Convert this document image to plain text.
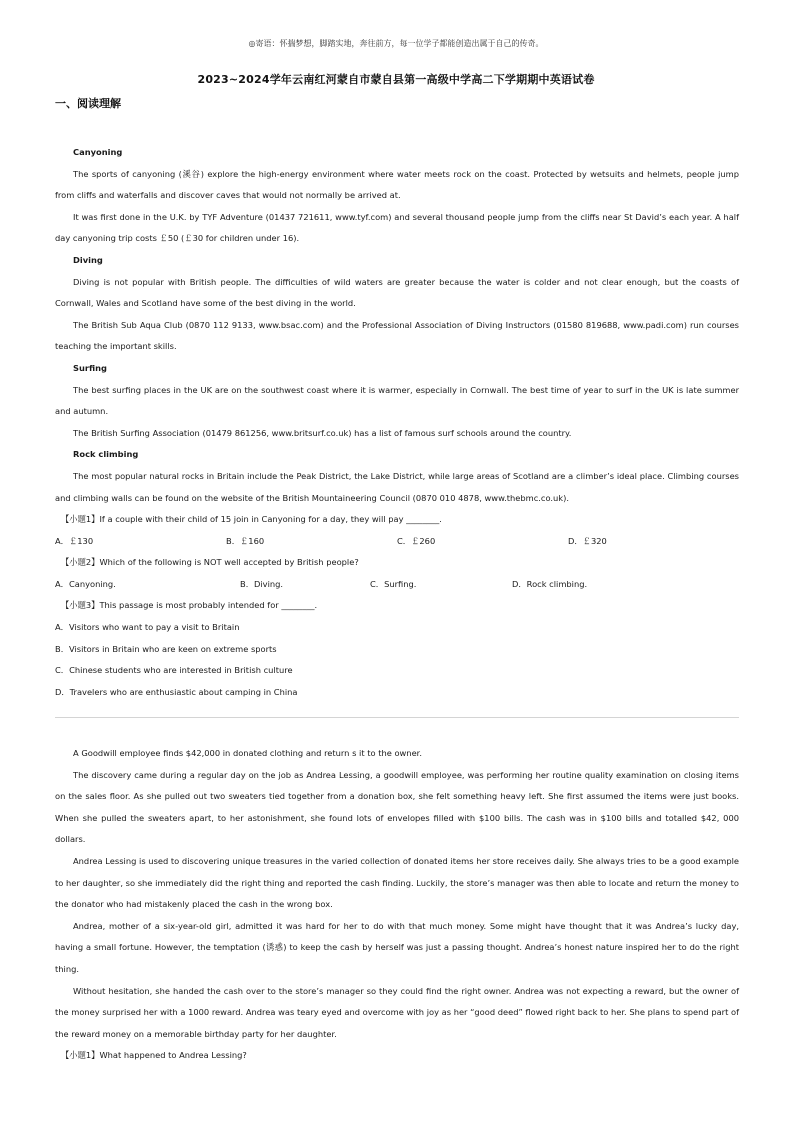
◎寄语：怀揣梦想，脚踏实地，奔往前方，每一位学子都能创造出属于自己的传奇。
2023~2024学年云南红河蒙自市蒙自县第一高级中学高二下学期期中英语试卷
一、阅读理解

Canyoning

The sports of canyoning (溪谷) explore the high-energy environment where water meets rock on the coast. Protected by wetsuits and helmets, people jump from cliffs and waterfalls and discover caves that would not normally be arrived at.

It was first done in the U.K. by TYF Adventure (01437 721611, www.tyf.com) and several thousand people jump from the cliffs near St David’s each year. A half day canyoning trip costs ￡50 (￡30 for children under 16).

Diving

Diving is not popular with British people. The difficulties of wild waters are greater because the water is colder and not clear enough, but the coasts of Cornwall, Wales and Scotland have some of the best diving in the world.

The British Sub Aqua Club (0870 112 9133, www.bsac.com) and the Professional Association of Diving Instructors (01580 819688, www.padi.com) run courses teaching the important skills.

Surfing

The best surfing places in the UK are on the southwest coast where it is warmer, especially in Cornwall. The best time of year to surf in the UK is late summer and autumn.

The British Surfing Association (01479 861256, www.britsurf.co.uk) has a list of famous surf schools around the country.

Rock climbing

The most popular natural rocks in Britain include the Peak District, the Lake District, while large areas of Scotland are a climber’s ideal place. Climbing courses and climbing walls can be found on the website of the British Mountaineering Council (0870 010 4878, www.thebmc.co.uk).

【小题1】If a couple with their child of 15 join in Canyoning for a day, they will pay ________.

A．￡130	B．￡160	C．￡260	D．￡320

【小题2】Which of the following is NOT well accepted by British people?

A．Canyoning.	B．Diving.	C．Surfing.	D．Rock climbing.

【小题3】This passage is most probably intended for ________.

A．Visitors who want to pay a visit to Britain

B．Visitors in Britain who are keen on extreme sports

C．Chinese students who are interested in British culture

D．Travelers who are enthusiastic about camping in China

A Goodwill employee finds $42,000 in donated clothing and return s it to the owner.

The discovery came during a regular day on the job as Andrea Lessing, a goodwill employee, was performing her routine quality examination on closing items on the sales floor. As she pulled out two sweaters tied together from a donation box, she felt something heavy left. She first assumed the items were just books. When she pulled the sweaters apart, to her astonishment, she found lots of envelopes filled with $100 bills. The cash was in $100 bills and totalled $42, 000 dollars.

Andrea Lessing is used to discovering unique treasures in the varied collection of donated items her store receives daily. She always tries to be a good example to her daughter, so she immediately did the right thing and reported the cash finding. Luckily, the store’s manager was then able to locate and return the money to the donator who had mistakenly placed the cash in the wrong box.

Andrea, mother of a six-year-old girl, admitted it was hard for her to do with that much money. Some might have thought that it was Andrea’s lucky day, having a small fortune. However, the temptation (诱惑) to keep the cash by herself was just a passing thought. Andrea’s honest nature inspired her to do the right thing.

Without hesitation, she handed the cash over to the store’s manager so they could find the right owner. Andrea was not expecting a reward, but the owner of the money surprised her with a 1000 reward. Andrea was teary eyed and overcome with joy as her “good deed” flowed right back to her. She plans to spend part of the reward money on a memorable birthday party for her daughter.

【小题1】What happened to Andrea Lessing?
